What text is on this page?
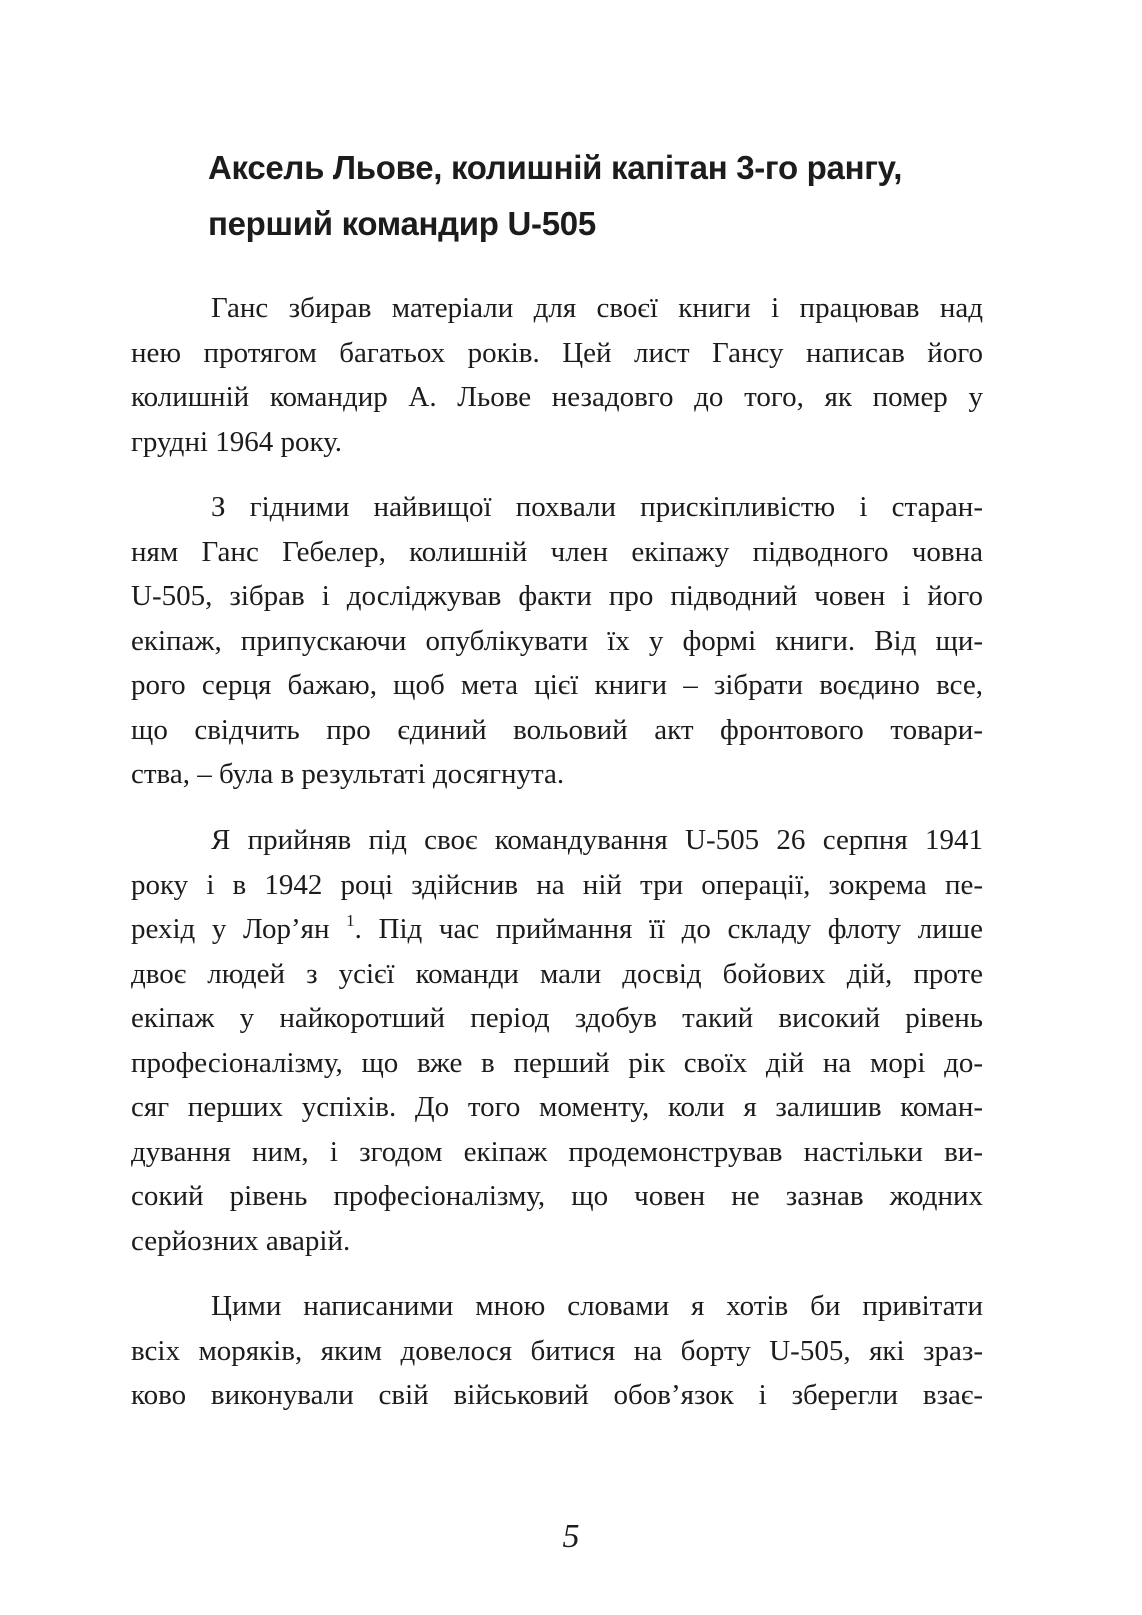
Аксель Льове, колишній капітан 3-го рангу,
перший командир U-505
Ганс збирав матеріали для своєї книги і працював над
нею протягом багатьох років. Цей лист Гансу написав його
колишній командир А. Льове незадовго до того, як помер у
грудні 1964 року.
З гідними найвищої похвали прискіпливістю і старан-
ням Ганс Гебелер, колишній член екіпажу підводного човна
U-505, зібрав і досліджував факти про підводний човен і його
екіпаж, припускаючи опублікувати їх у формі книги. Від щи-
рого серця бажаю, щоб мета цієї книги – зібрати воєдино все,
що свідчить про єдиний вольовий акт фронтового товари-
ства, – була в результаті досягнута.
Я прийняв під своє командування U-505 26 серпня 1941
року і в 1942 році здійснив на ній три операції, зокрема пе-
рехід у Лор’ян $^1$. Під час приймання її до складу флоту лише
двоє людей з усієї команди мали досвід бойових дій, проте
екіпаж у найкоротший період здобув такий високий рівень
професіоналізму, що вже в перший рік своїх дій на морі до-
сяг перших успіхів. До того моменту, коли я залишив коман-
дування ним, і згодом екіпаж продемонстрував настільки ви-
сокий рівень професіоналізму, що човен не зазнав жодних
серйозних аварій.
Цими написаними мною словами я хотів би привітати
всіх моряків, яким довелося битися на борту U-505, які зраз-
ково виконували свій військовий обов’язок і зберегли взає-
5
